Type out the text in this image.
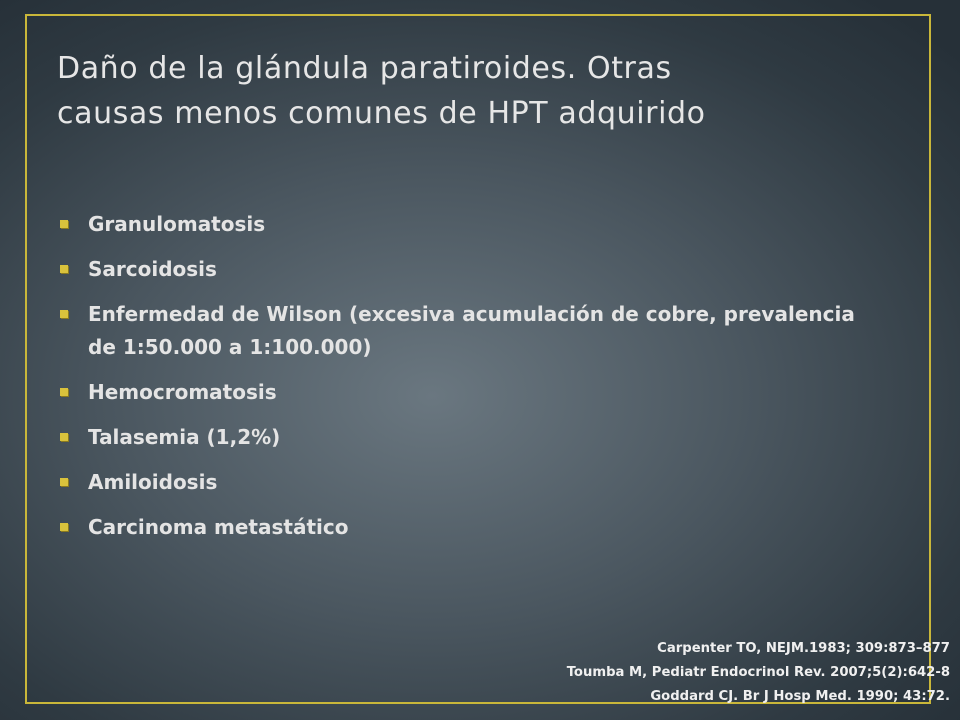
Daño de la glándula paratiroides. Otras
causas menos comunes de HPT adquirido
Granulomatosis
Sarcoidosis
Enfermedad de Wilson (excesiva acumulación de cobre, prevalencia de 1:50.000 a 1:100.000)
Hemocromatosis
Talasemia (1,2%)
Amiloidosis
Carcinoma metastático
Carpenter TO, NEJM.1983; 309:873–877
Toumba M, Pediatr Endocrinol Rev. 2007;5(2):642-8
Goddard CJ. Br J Hosp Med. 1990; 43:72.
